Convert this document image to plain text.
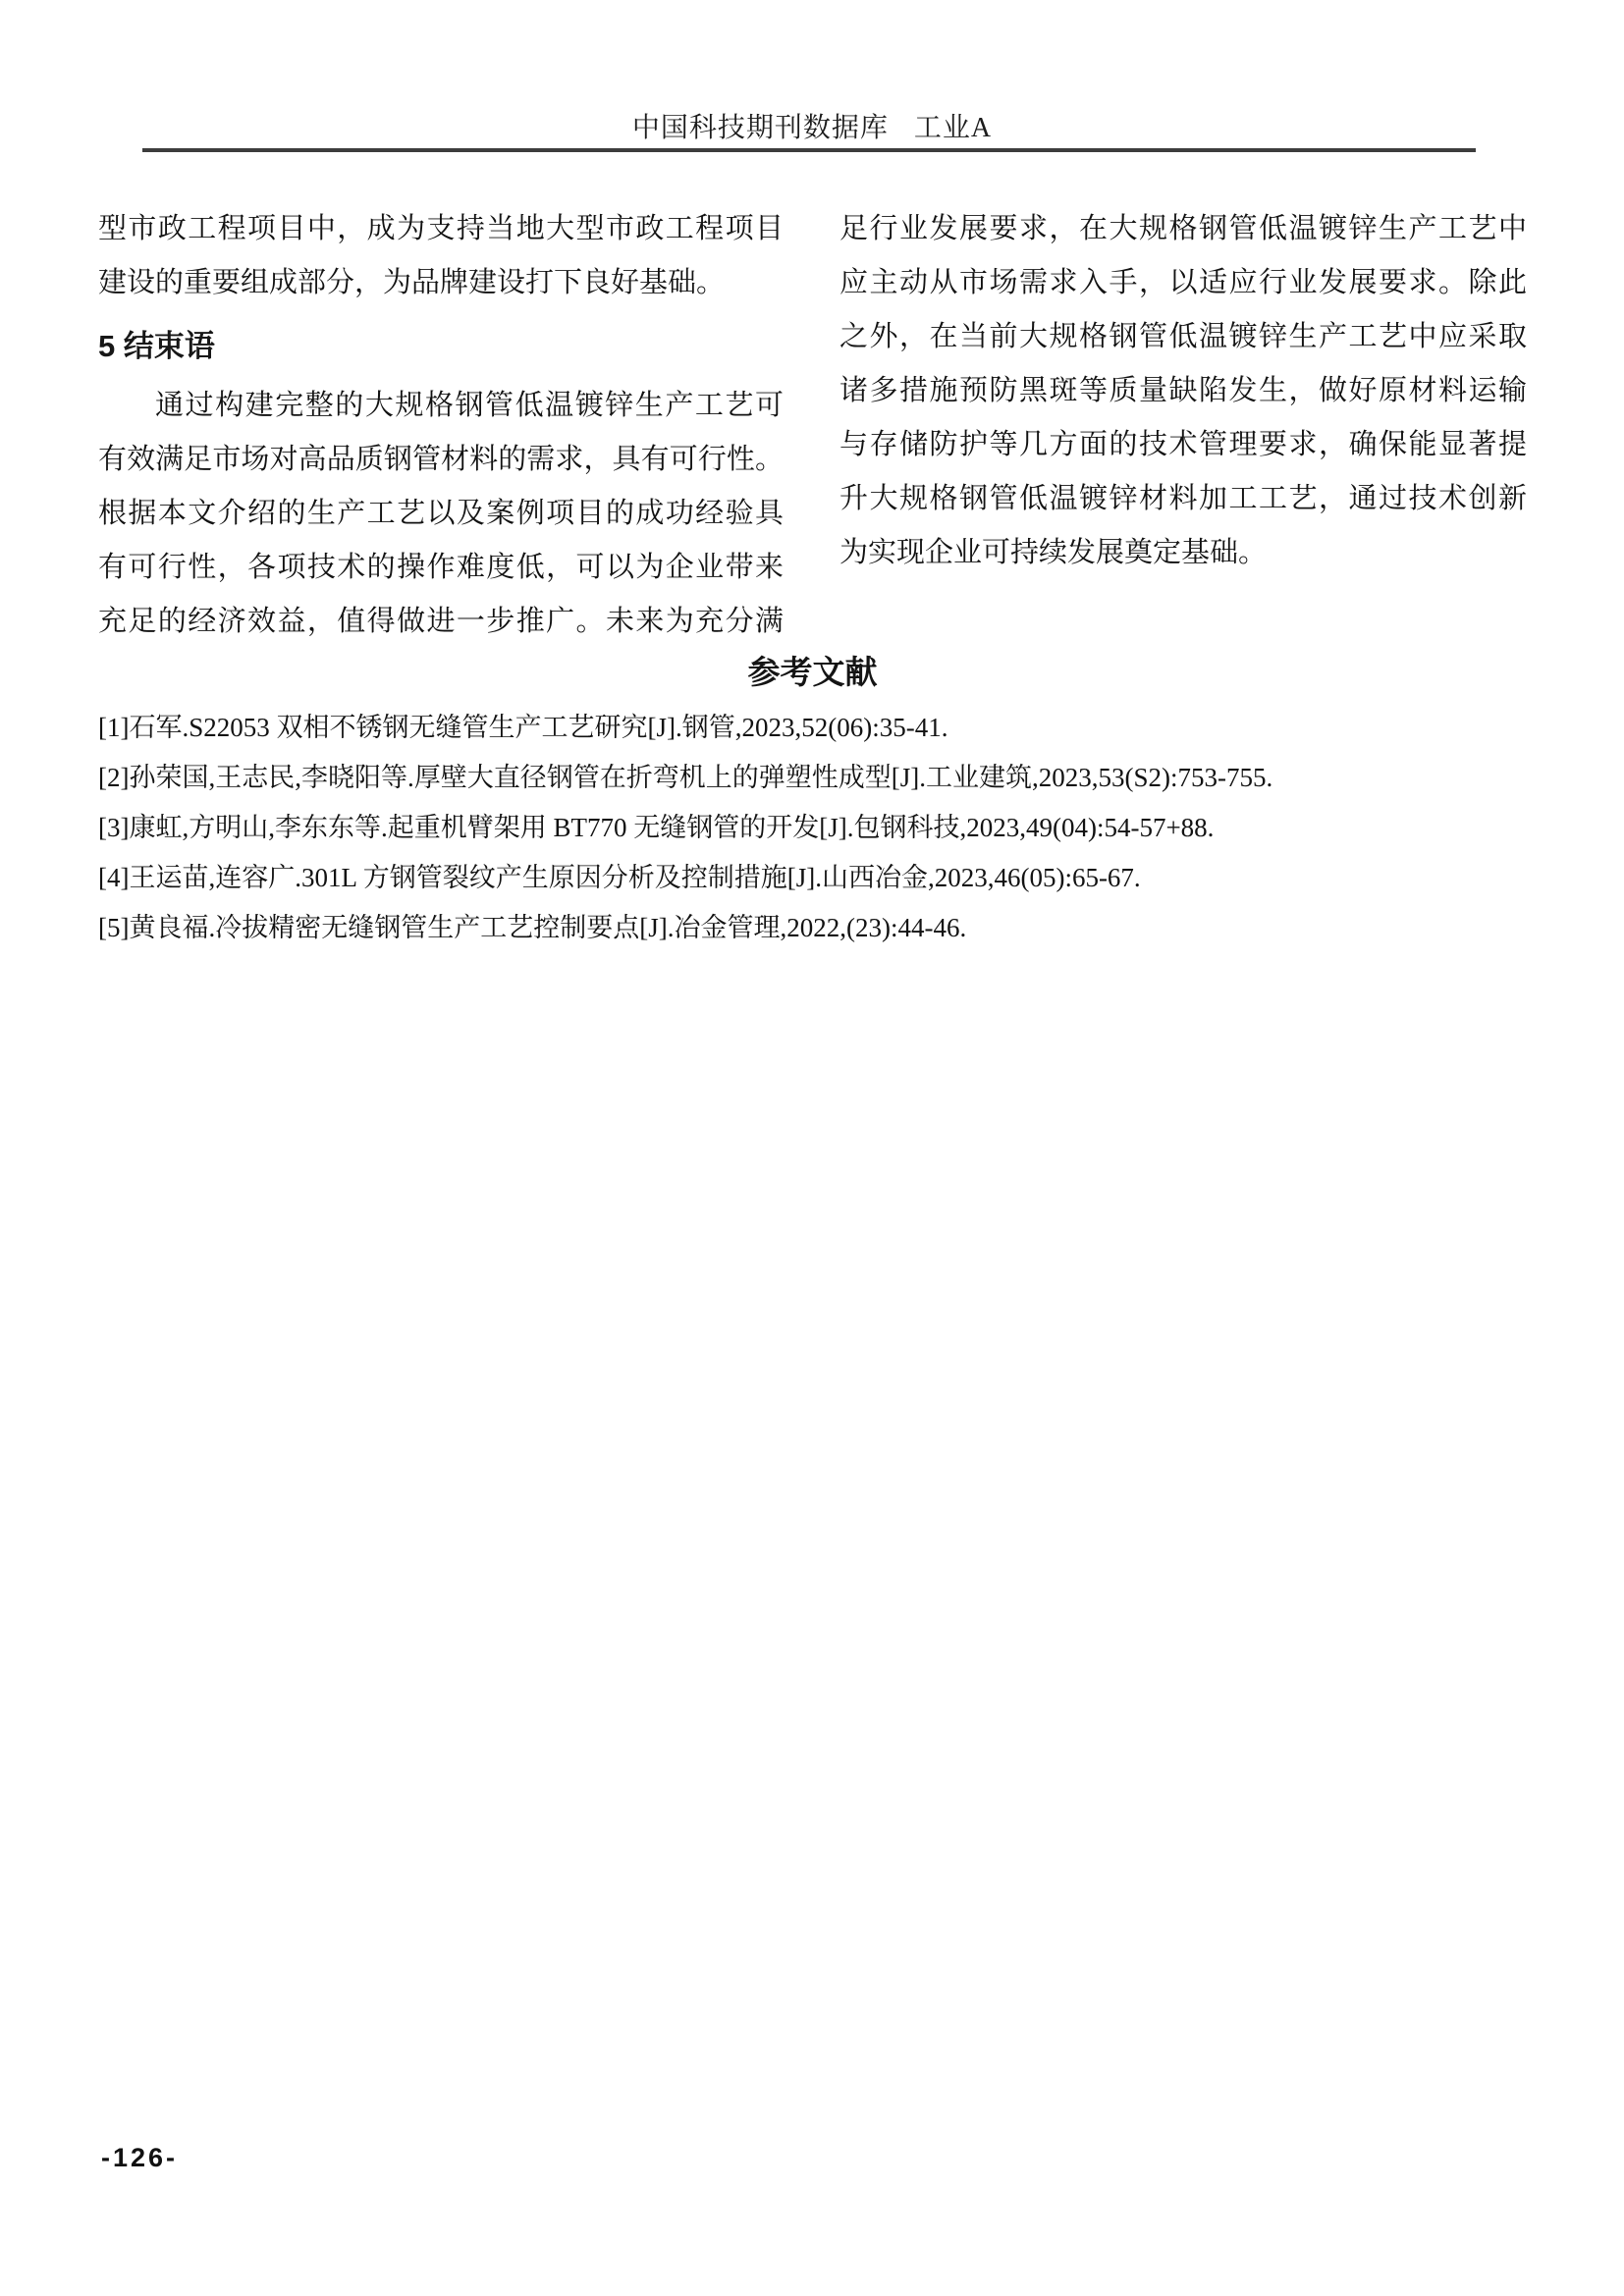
中国科技期刊数据库 工业A
型市政工程项目中，成为支持当地大型市政工程项目
建设的重要组成部分，为品牌建设打下良好基础。
5 结束语
通过构建完整的大规格钢管低温镀锌生产工艺可
有效满足市场对高品质钢管材料的需求，具有可行性。
根据本文介绍的生产工艺以及案例项目的成功经验具
有可行性，各项技术的操作难度低，可以为企业带来
充足的经济效益，值得做进一步推广。未来为充分满
足行业发展要求，在大规格钢管低温镀锌生产工艺中
应主动从市场需求入手，以适应行业发展要求。除此
之外，在当前大规格钢管低温镀锌生产工艺中应采取
诸多措施预防黑斑等质量缺陷发生，做好原材料运输
与存储防护等几方面的技术管理要求，确保能显著提
升大规格钢管低温镀锌材料加工工艺，通过技术创新
为实现企业可持续发展奠定基础。
参考文献
[1]石军.S22053 双相不锈钢无缝管生产工艺研究[J].钢管,2023,52(06):35-41.
[2]孙荣国,王志民,李晓阳等.厚壁大直径钢管在折弯机上的弹塑性成型[J].工业建筑,2023,53(S2):753-755.
[3]康虹,方明山,李东东等.起重机臂架用 BT770 无缝钢管的开发[J].包钢科技,2023,49(04):54-57+88.
[4]王运苗,连容广.301L 方钢管裂纹产生原因分析及控制措施[J].山西冶金,2023,46(05):65-67.
[5]黄良福.冷拔精密无缝钢管生产工艺控制要点[J].冶金管理,2022,(23):44-46.
-126-
